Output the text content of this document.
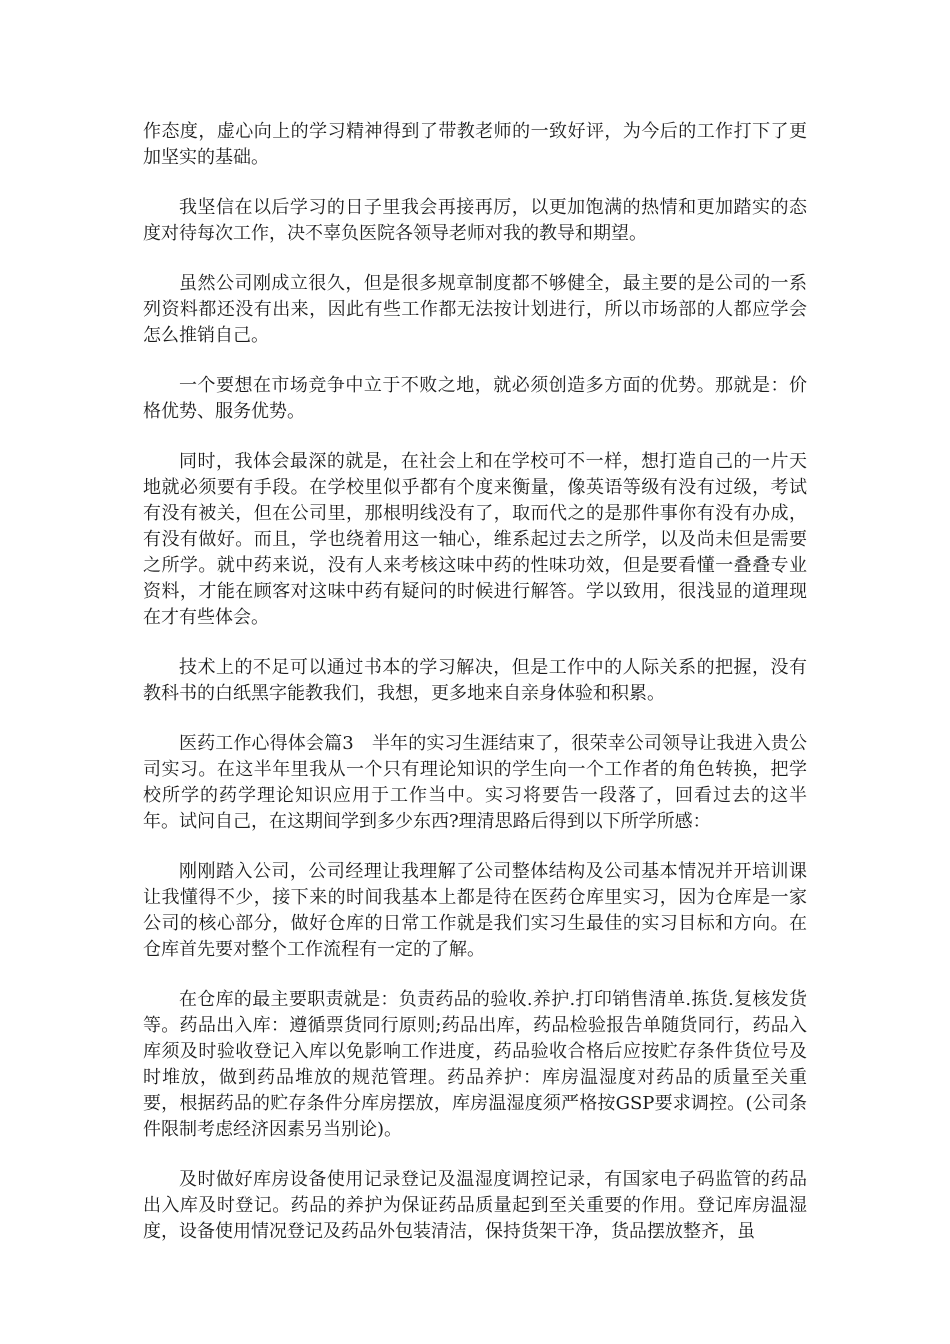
作态度，虚心向上的学习精神得到了带教老师的一致好评，为今后的工作打下了更加坚实的基础。

我坚信在以后学习的日子里我会再接再厉，以更加饱满的热情和更加踏实的态度对待每次工作，决不辜负医院各领导老师对我的教导和期望。

虽然公司刚成立很久，但是很多规章制度都不够健全，最主要的是公司的一系列资料都还没有出来，因此有些工作都无法按计划进行，所以市场部的人都应学会怎么推销自己。

一个要想在市场竞争中立于不败之地，就必须创造多方面的优势。那就是：价格优势、服务优势。

同时，我体会最深的就是，在社会上和在学校可不一样，想打造自己的一片天地就必须要有手段。在学校里似乎都有个度来衡量，像英语等级有没有过级，考试有没有被关，但在公司里，那根明线没有了，取而代之的是那件事你有没有办成，有没有做好。而且，学也绕着用这一轴心，维系起过去之所学，以及尚未但是需要之所学。就中药来说，没有人来考核这味中药的性味功效，但是要看懂一叠叠专业资料，才能在顾客对这味中药有疑问的时候进行解答。学以致用，很浅显的道理现在才有些体会。

技术上的不足可以通过书本的学习解决，但是工作中的人际关系的把握，没有教科书的白纸黑字能教我们，我想，更多地来自亲身体验和积累。

医药工作心得体会篇3　半年的实习生涯结束了，很荣幸公司领导让我进入贵公司实习。在这半年里我从一个只有理论知识的学生向一个工作者的角色转换，把学校所学的药学理论知识应用于工作当中。实习将要告一段落了，回看过去的这半年。试问自己，在这期间学到多少东西?理清思路后得到以下所学所感：

刚刚踏入公司，公司经理让我理解了公司整体结构及公司基本情况并开培训课让我懂得不少，接下来的时间我基本上都是待在医药仓库里实习，因为仓库是一家公司的核心部分，做好仓库的日常工作就是我们实习生最佳的实习目标和方向。在仓库首先要对整个工作流程有一定的了解。

在仓库的最主要职责就是：负责药品的验收.养护.打印销售清单.拣货.复核发货等。药品出入库：遵循票货同行原则;药品出库，药品检验报告单随货同行，药品入库须及时验收登记入库以免影响工作进度，药品验收合格后应按贮存条件货位号及时堆放，做到药品堆放的规范管理。药品养护：库房温湿度对药品的质量至关重要，根据药品的贮存条件分库房摆放，库房温湿度须严格按GSP要求调控。(公司条件限制考虑经济因素另当别论)。

及时做好库房设备使用记录登记及温湿度调控记录，有国家电子码监管的药品出入库及时登记。药品的养护为保证药品质量起到至关重要的作用。登记库房温湿度，设备使用情况登记及药品外包装清洁，保持货架干净，货品摆放整齐，虽
